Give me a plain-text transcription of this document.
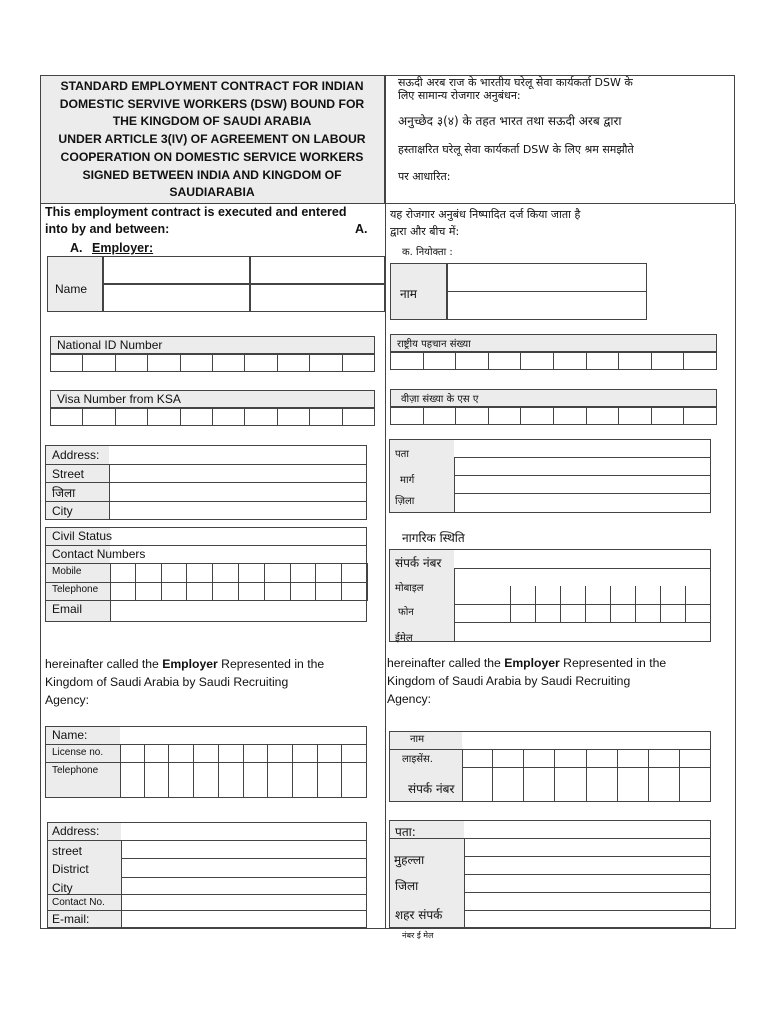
STANDARD EMPLOYMENT CONTRACT FOR INDIAN
DOMESTIC SERVIVE WORKERS (DSW) BOUND FOR
THE KINGDOM OF SAUDI ARABIA
UNDER ARTICLE 3(IV) OF AGREEMENT ON LABOUR
COOPERATION ON DOMESTIC SERVICE WORKERS
SIGNED BETWEEN INDIA AND KINGDOM OF
SAUDIARABIA
सऊदी अरब राज के भारतीय घरेलू सेवा कार्यकर्ता DSW के
लिए सामान्य रोजगार अनुबंधन:
अनुच्छेद ३(४) के तहत भारत तथा सऊदी अरब द्वारा
हस्ताक्षरित घरेलू सेवा कार्यकर्ता DSW के लिए श्रम समझौते
पर आधारित:
This employment contract is executed and entered
into by and between:	A.
A. Employer:
यह रोजगार अनुबंध निष्पादित दर्ज किया जाता है
द्वारा और बीच में:
क. नियोक्ता :
Name
National ID Number
Visa Number from KSA
Address:
Street
जिला
City
Civil Status
Contact Numbers
Mobile
Telephone
Email
नाम
राष्ट्रीय पहचान संख्या
वीज़ा संख्या के एस ए
पता
मार्ग
ज़िला
नागरिक स्थिति
संपर्क नंबर
मोबाइल
फोन
ईमेल
hereinafter called the Employer Represented in the
Kingdom of Saudi Arabia by Saudi Recruiting
Agency:
hereinafter called the Employer Represented in the
Kingdom of Saudi Arabia by Saudi Recruiting
Agency:
Name:
License no.
Telephone
नाम
लाइसेंस.
संपर्क नंबर
Address:
street
District
City
Contact No.
E-mail:
पता:
मुहल्ला
जिला
शहर संपर्क
नंबर ई मेल
